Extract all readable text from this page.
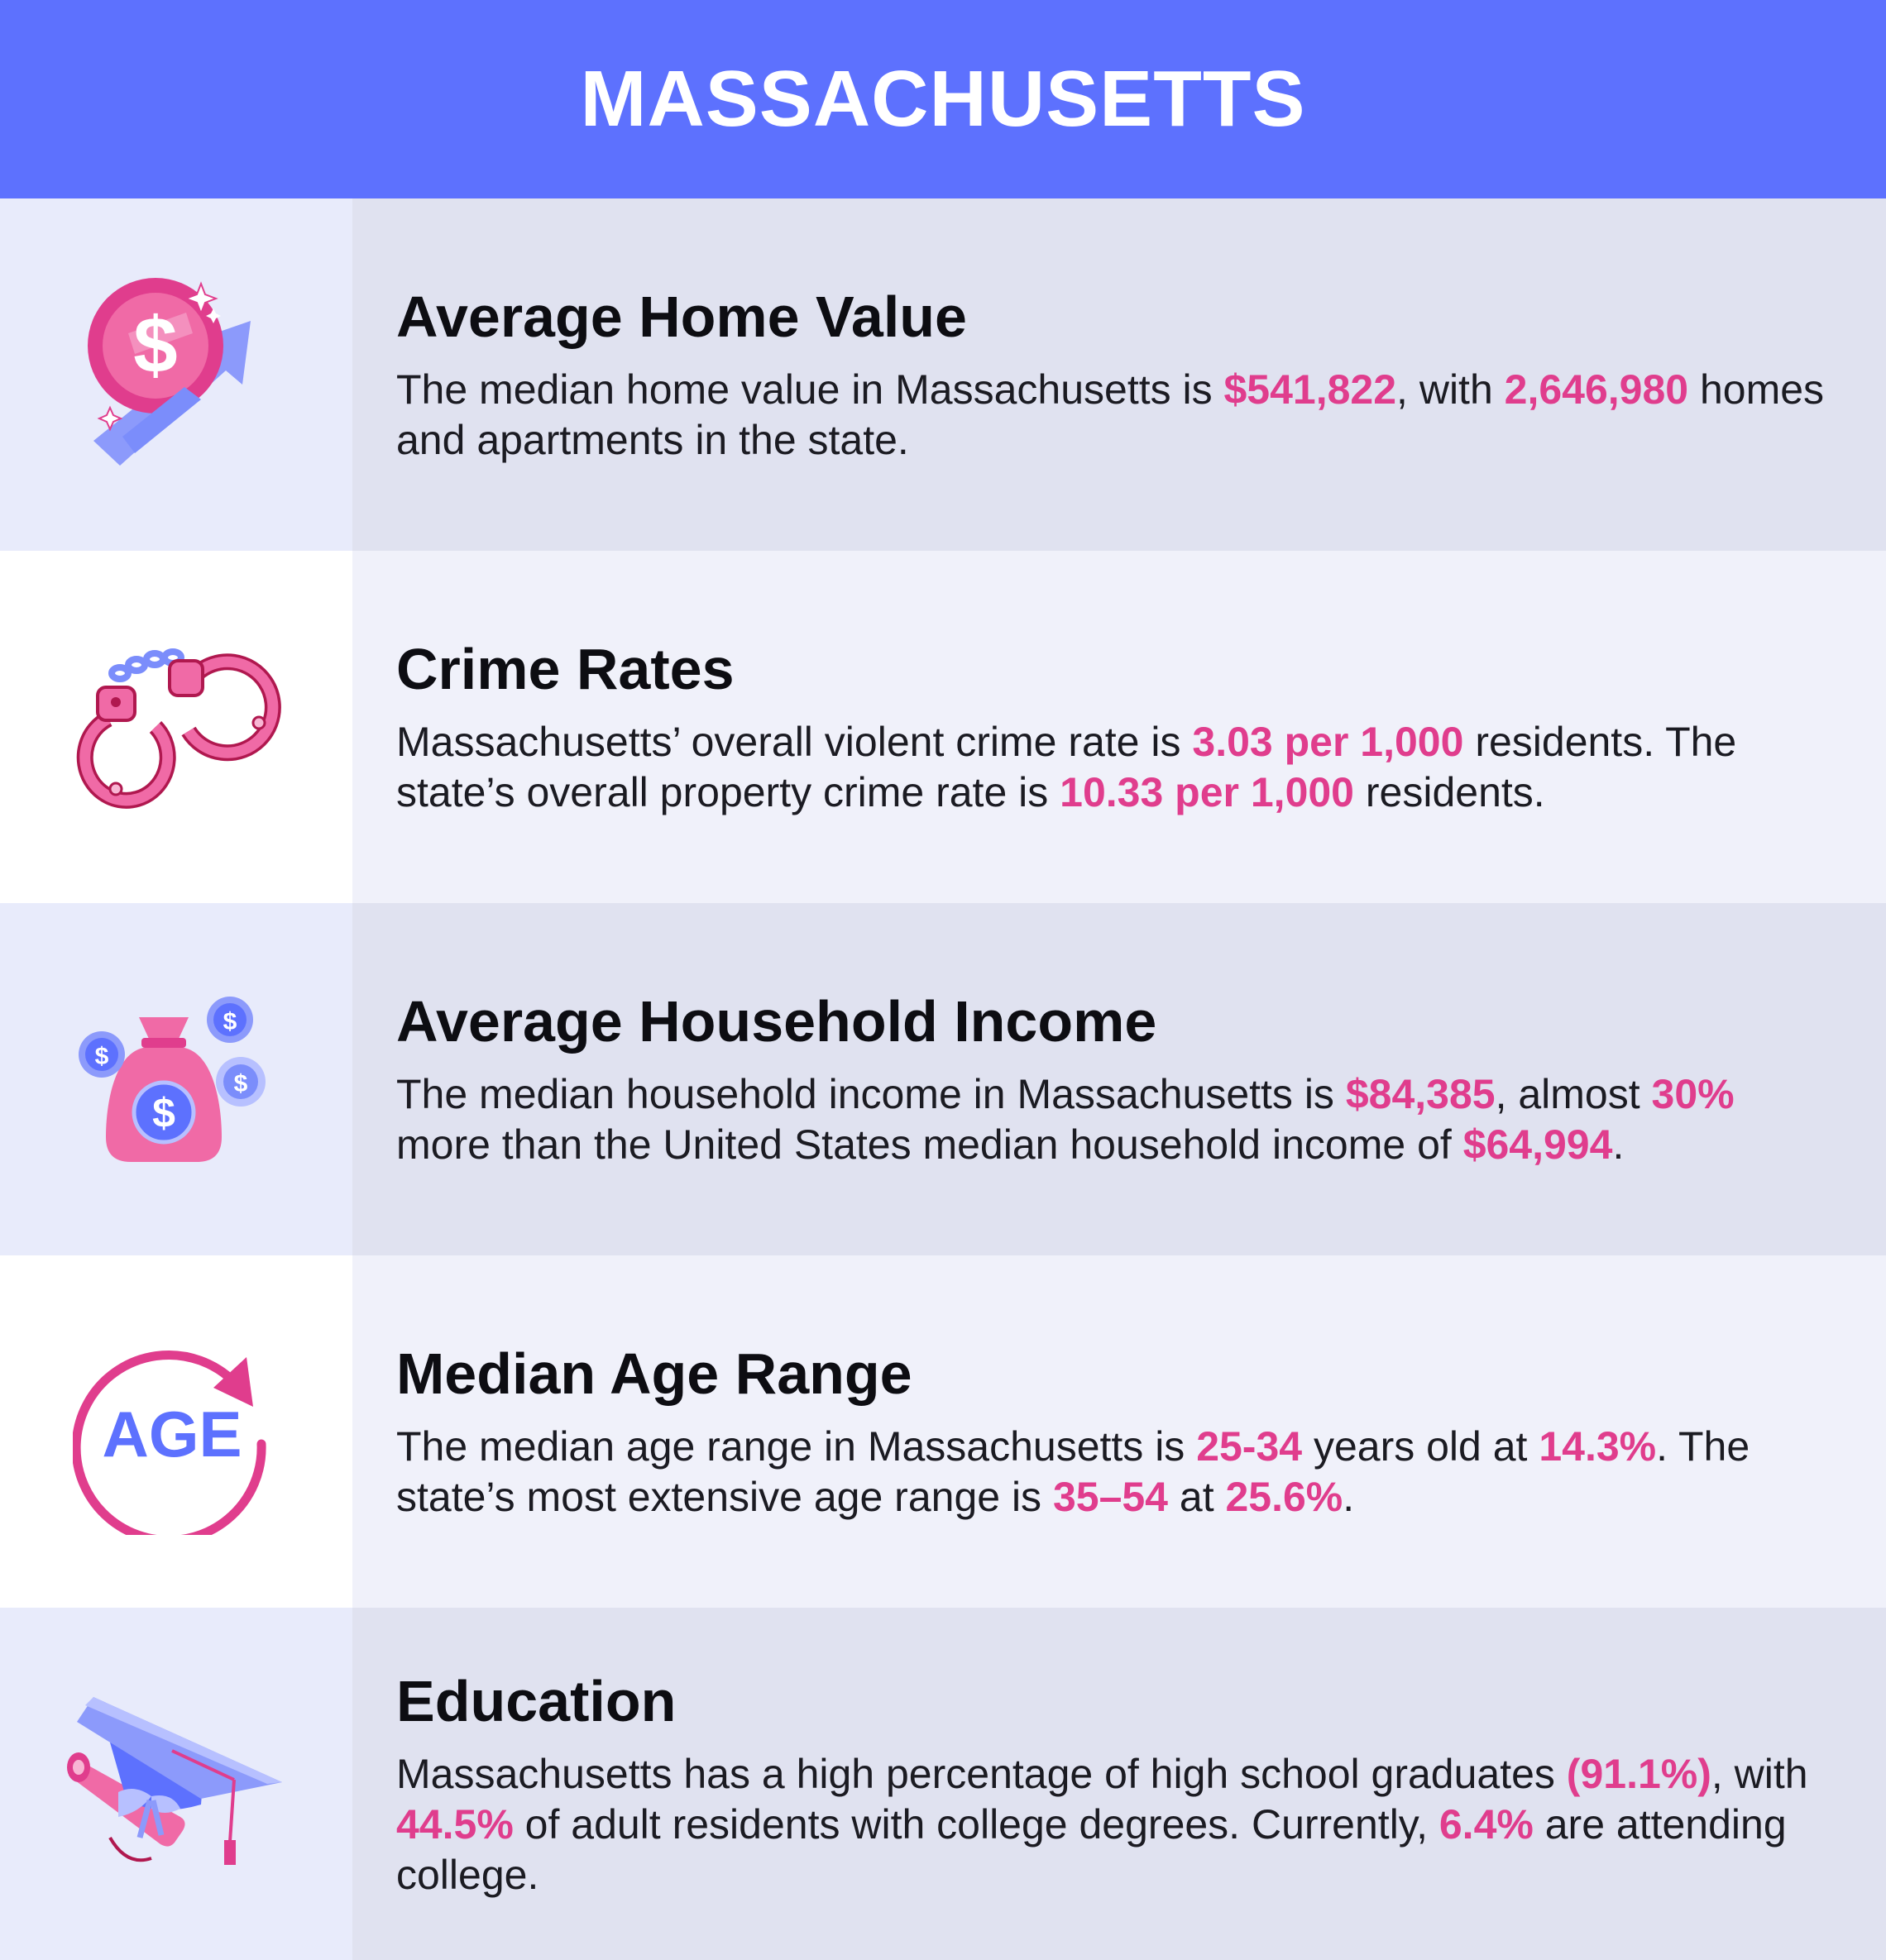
MASSACHUSETTS
$	Average Home Value

The median home value in Massachusetts is $541,822, with 2,646,980 homes and apartments in the state.

Crime Rates

Massachusetts’ overall violent crime rate is 3.03 per 1,000 residents. The state’s overall property crime rate is 10.33 per 1,000 residents.

$
$
$
$
Average Household Income

The median household income in Massachusetts is $84,385, almost 30% more than the United States median household income of $64,994.

AGE
Median Age Range

The median age range in Massachusetts is 25-34 years old at 14.3%. The state’s most extensive age range is 35–54 at 25.6%.

Education

Massachusetts has a high percentage of high school graduates (91.1%), with 44.5% of adult residents with college degrees. Currently, 6.4% are attending college.
